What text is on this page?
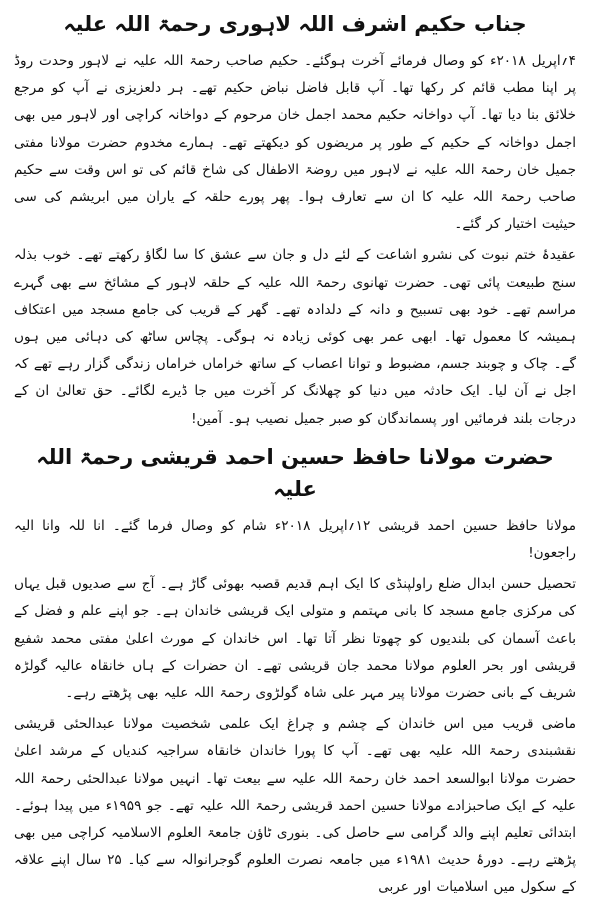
جناب حکیم اشرف اللہ لاہوری رحمۃ اللہ علیہ

۴؍اپریل ۲۰۱۸ء کو وصال فرمائے آخرت ہوگئے۔ حکیم صاحب رحمۃ اللہ علیہ نے لاہور وحدت روڈ پر اپنا مطب قائم کر رکھا تھا۔ آپ قابل فاضل نباض حکیم تھے۔ ہر دلعزیزی نے آپ کو مرجع خلائق بنا دیا تھا۔ آپ دواخانہ حکیم محمد اجمل خان مرحوم کے دواخانہ کراچی اور لاہور میں بھی اجمل دواخانہ کے حکیم کے طور پر مریضوں کو دیکھتے تھے۔ ہمارے مخدوم حضرت مولانا مفتی جمیل خان رحمۃ اللہ علیہ نے لاہور میں روضۃ الاطفال کی شاخ قائم کی تو اس وقت سے حکیم صاحب رحمۃ اللہ علیہ کا ان سے تعارف ہوا۔ پھر پورے حلقہ کے یاران میں ابریشم کی سی حیثیت اختیار کر گئے۔

عقیدۂ ختم نبوت کی نشرو اشاعت کے لئے دل و جان سے عشق کا سا لگاؤ رکھتے تھے۔ خوب بذلہ سنج طبیعت پائی تھی۔ حضرت تھانوی رحمۃ اللہ علیہ کے حلقہ لاہور کے مشائخ سے بھی گہرے مراسم تھے۔ خود بھی تسبیح و دانہ کے دلدادہ تھے۔ گھر کے قریب کی جامع مسجد میں اعتکاف ہمیشہ کا معمول تھا۔ ابھی عمر بھی کوئی زیادہ نہ ہوگی۔ پچاس ساٹھ کی دہائی میں ہوں گے۔ چاک و چوبند جسم، مضبوط و توانا اعصاب کے ساتھ خراماں خراماں زندگی گزار رہے تھے کہ اجل نے آن لیا۔ ایک حادثہ میں دنیا کو چھلانگ کر آخرت میں جا ڈیرے لگائے۔ حق تعالیٰ ان کے درجات بلند فرمائیں اور پسماندگان کو صبر جمیل نصیب ہو۔ آمین!

حضرت مولانا حافظ حسین احمد قریشی رحمۃ اللہ علیہ

مولانا حافظ حسین احمد قریشی ۱۲؍اپریل ۲۰۱۸ء شام کو وصال فرما گئے۔ انا للہ وانا الیہ راجعون!

تحصیل حسن ابدال ضلع راولپنڈی کا ایک اہم قدیم قصبہ بھوئی گاڑ ہے۔ آج سے صدیوں قبل یہاں کی مرکزی جامع مسجد کا بانی مہتمم و متولی ایک قریشی خاندان ہے۔ جو اپنے علم و فضل کے باعث آسمان کی بلندیوں کو چھوتا نظر آتا تھا۔ اس خاندان کے مورث اعلیٰ مفتی محمد شفیع قریشی اور بحر العلوم مولانا محمد جان قریشی تھے۔ ان حضرات کے ہاں خانقاہ عالیہ گولڑہ شریف کے بانی حضرت مولانا پیر مہر علی شاہ گولڑوی رحمۃ اللہ علیہ بھی پڑھتے رہے۔

ماضی قریب میں اس خاندان کے چشم و چراغ ایک علمی شخصیت مولانا عبدالحئی قریشی نقشبندی رحمۃ اللہ علیہ بھی تھے۔ آپ کا پورا خاندان خانقاہ سراجیہ کندیاں کے مرشد اعلیٰ حضرت مولانا ابوالسعد احمد خان رحمۃ اللہ علیہ سے بیعت تھا۔ انہیں مولانا عبدالحئی رحمۃ اللہ علیہ کے ایک صاحبزادے مولانا حسین احمد قریشی رحمۃ اللہ علیہ تھے۔ جو ۱۹۵۹ء میں پیدا ہوئے۔ ابتدائی تعلیم اپنے والد گرامی سے حاصل کی۔ بنوری ٹاؤن جامعۃ العلوم الاسلامیہ کراچی میں بھی پڑھتے رہے۔ دورۂ حدیث ۱۹۸۱ء میں جامعہ نصرت العلوم گوجرانوالہ سے کیا۔ ۲۵ سال اپنے علاقہ کے سکول میں اسلامیات اور عربی
